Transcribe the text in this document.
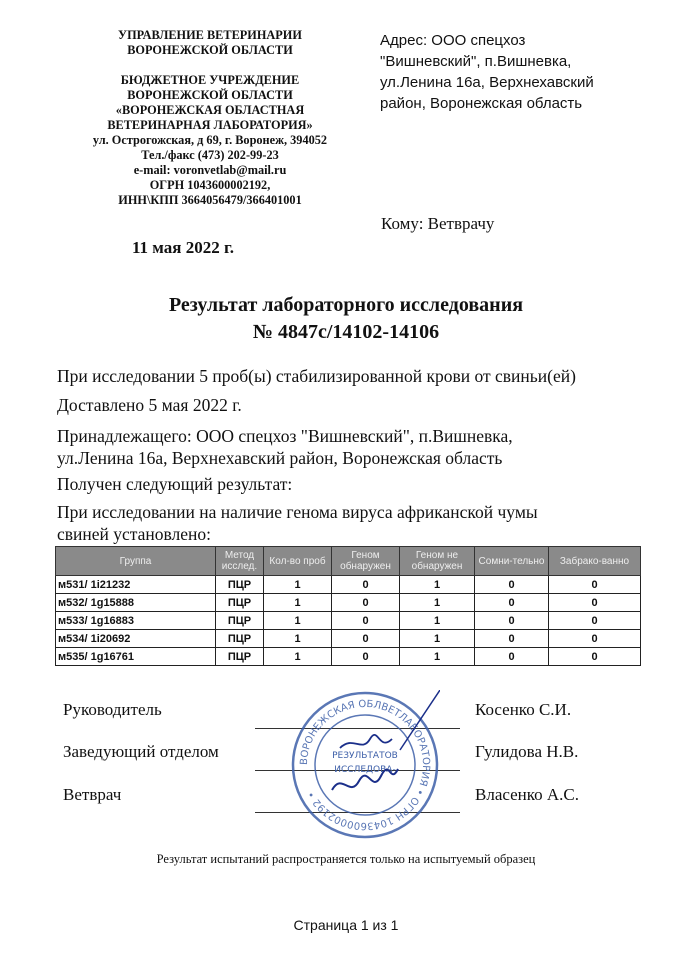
УПРАВЛЕНИЕ ВЕТЕРИНАРИИ
ВОРОНЕЖСКОЙ ОБЛАСТИ
БЮДЖЕТНОЕ УЧРЕЖДЕНИЕ
ВОРОНЕЖСКОЙ ОБЛАСТИ
«ВОРОНЕЖСКАЯ ОБЛАСТНАЯ
ВЕТЕРИНАРНАЯ ЛАБОРАТОРИЯ»
ул. Острогожская, д 69, г. Воронеж, 394052
Тел./факс (473) 202-99-23
e-mail: voronvetlab@mail.ru
ОГРН 1043600002192,
ИНН\КПП 3664056479/366401001
Адрес: ООО спецхоз
"Вишневский", п.Вишневка,
ул.Ленина 16а, Верхнехавский
район, Воронежская область
Кому: Ветврачу
11 мая 2022 г.
Результат лабораторного исследования
№ 4847с/14102-14106
При исследовании 5 проб(ы) стабилизированной крови от свиньи(ей)
Доставлено 5 мая 2022 г.
Принадлежащего: ООО спецхоз "Вишневский", п.Вишневка,
ул.Ленина 16а, Верхнехавский район, Воронежская область
Получен следующий результат:
При исследовании на наличие генома вируса африканской чумы
свиней установлено:
Группа	Метод исслед.	Кол-во проб	Геном обнаружен	Геном не обнаружен	Сомни-тельно	Забрако-ванно
м531/ 1i21232	ПЦР	1	0	1	0	0
м532/ 1g15888	ПЦР	1	0	1	0	0
м533/ 1g16883	ПЦР	1	0	1	0	0
м534/ 1i20692	ПЦР	1	0	1	0	0
м535/ 1g16761	ПЦР	1	0	1	0	0
Руководитель	Косенко С.И.
Заведующий отделом	Гулидова Н.В.
Ветврач	Власенко А.С.
ВОРОНЕЖСКАЯ ОБЛВЕТЛАБОРАТОРИЯ • ОГРН 1043600002192 •
РЕЗУЛЬТАТОВ
ИССЛЕДОВА-
Результат испытаний распространяется только на испытуемый образец
Страница 1 из 1
